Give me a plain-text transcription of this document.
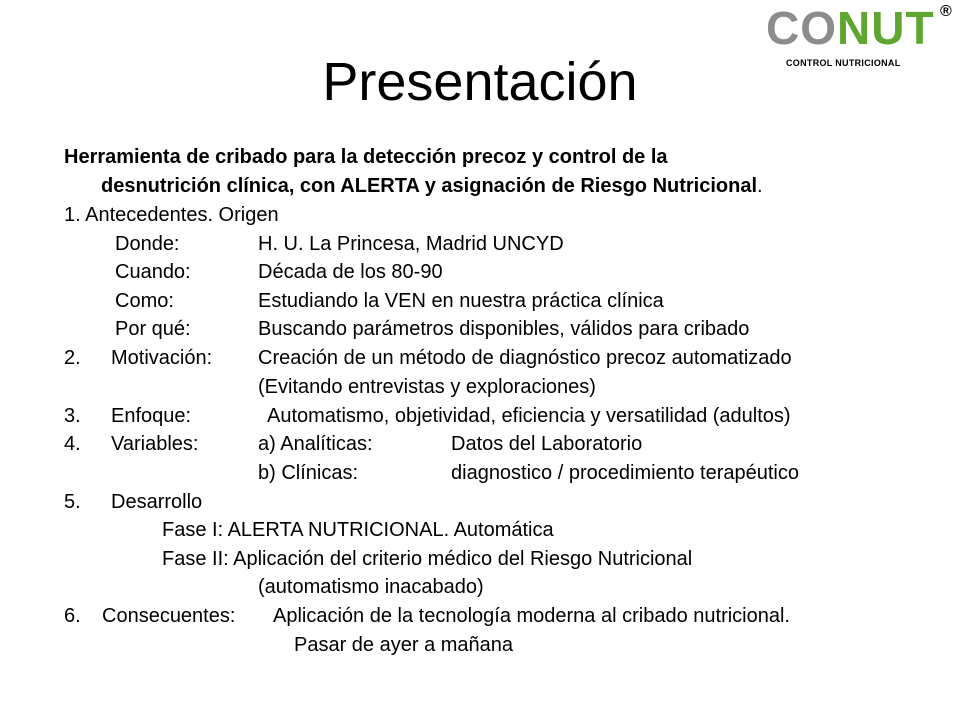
CONUT ®
CONTROL NUTRICIONAL
Presentación
Herramienta de cribado para la detección precoz y control de la
desnutrición clínica, con ALERTA y asignación de Riesgo Nutricional.
1. Antecedentes. Origen
Donde:	H. U. La Princesa, Madrid UNCYD
Cuando:	Década de los 80-90
Como:	Estudiando la VEN en nuestra práctica clínica
Por qué:	Buscando parámetros disponibles, válidos para cribado
2. Motivación: Creación de un método de diagnóstico precoz automatizado
(Evitando entrevistas y exploraciones)
3. Enfoque:	Automatismo, objetividad, eficiencia y versatilidad (adultos)
4. Variables:	a) Analíticas:	Datos del Laboratorio
b) Clínicas:	diagnostico / procedimiento terapéutico
5. Desarrollo
Fase I: ALERTA NUTRICIONAL. Automática
Fase II: Aplicación del criterio médico del Riesgo Nutricional
(automatismo inacabado)
6. Consecuentes: Aplicación de la tecnología moderna al cribado nutricional.
Pasar de ayer a mañana
